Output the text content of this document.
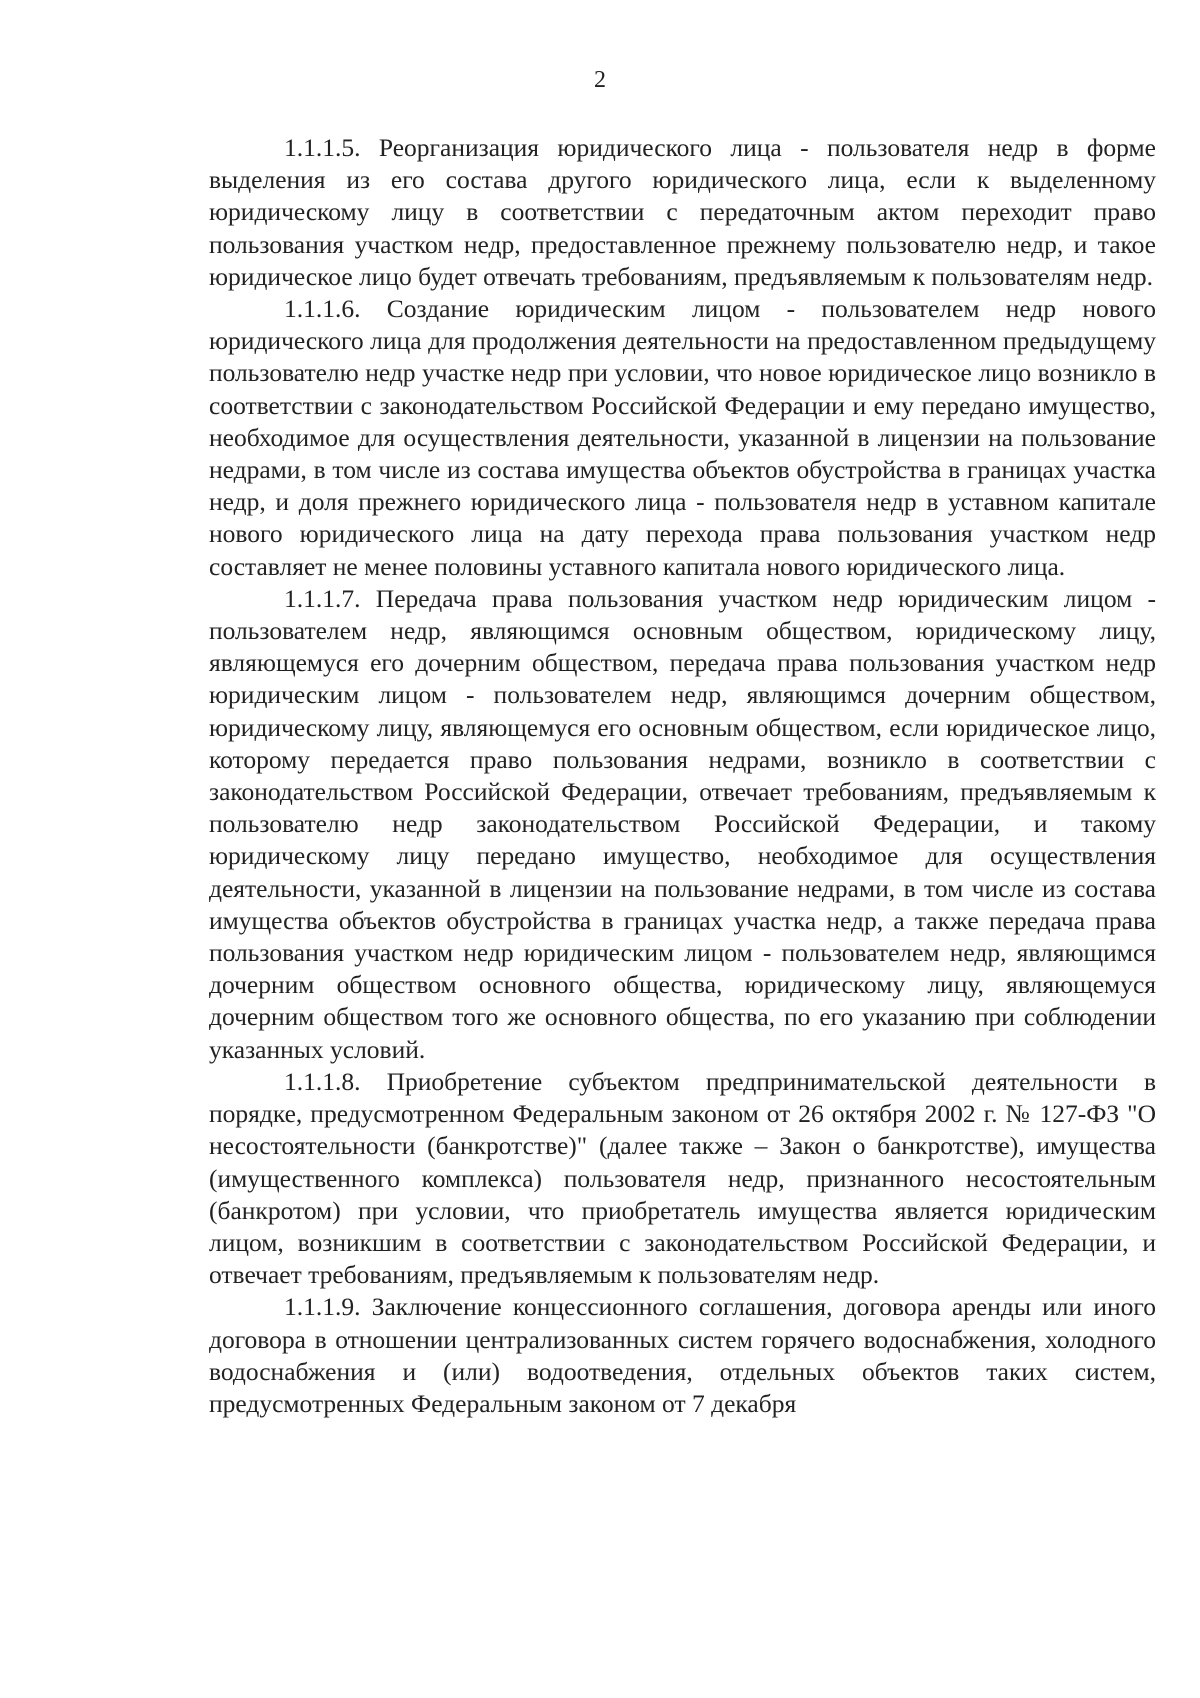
2

1.1.1.5. Реорганизация юридического лица - пользователя недр в форме выделения из его состава другого юридического лица, если к выделенному юридическому лицу в соответствии с передаточным актом переходит право пользования участком недр, предоставленное прежнему пользователю недр, и такое юридическое лицо будет отвечать требованиям, предъявляемым к пользователям недр.

1.1.1.6. Создание юридическим лицом - пользователем недр нового юридического лица для продолжения деятельности на предоставленном предыдущему пользователю недр участке недр при условии, что новое юридическое лицо возникло в соответствии с законодательством Российской Федерации и ему передано имущество, необходимое для осуществления деятельности, указанной в лицензии на пользование недрами, в том числе из состава имущества объектов обустройства в границах участка недр, и доля прежнего юридического лица - пользователя недр в уставном капитале нового юридического лица на дату перехода права пользования участком недр составляет не менее половины уставного капитала нового юридического лица.

1.1.1.7. Передача права пользования участком недр юридическим лицом - пользователем недр, являющимся основным обществом, юридическому лицу, являющемуся его дочерним обществом, передача права пользования участком недр юридическим лицом - пользователем недр, являющимся дочерним обществом, юридическому лицу, являющемуся его основным обществом, если юридическое лицо, которому передается право пользования недрами, возникло в соответствии с законодательством Российской Федерации, отвечает требованиям, предъявляемым к пользователю недр законодательством Российской Федерации, и такому юридическому лицу передано имущество, необходимое для осуществления деятельности, указанной в лицензии на пользование недрами, в том числе из состава имущества объектов обустройства в границах участка недр, а также передача права пользования участком недр юридическим лицом - пользователем недр, являющимся дочерним обществом основного общества, юридическому лицу, являющемуся дочерним обществом того же основного общества, по его указанию при соблюдении указанных условий.

1.1.1.8. Приобретение субъектом предпринимательской деятельности в порядке, предусмотренном Федеральным законом от 26 октября 2002 г. № 127-ФЗ "О несостоятельности (банкротстве)" (далее также – Закон о банкротстве), имущества (имущественного комплекса) пользователя недр, признанного несостоятельным (банкротом) при условии, что приобретатель имущества является юридическим лицом, возникшим в соответствии с законодательством Российской Федерации, и отвечает требованиям, предъявляемым к пользователям недр.

1.1.1.9. Заключение концессионного соглашения, договора аренды или иного договора в отношении централизованных систем горячего водоснабжения, холодного водоснабжения и (или) водоотведения, отдельных объектов таких систем, предусмотренных Федеральным законом от 7 декабря
